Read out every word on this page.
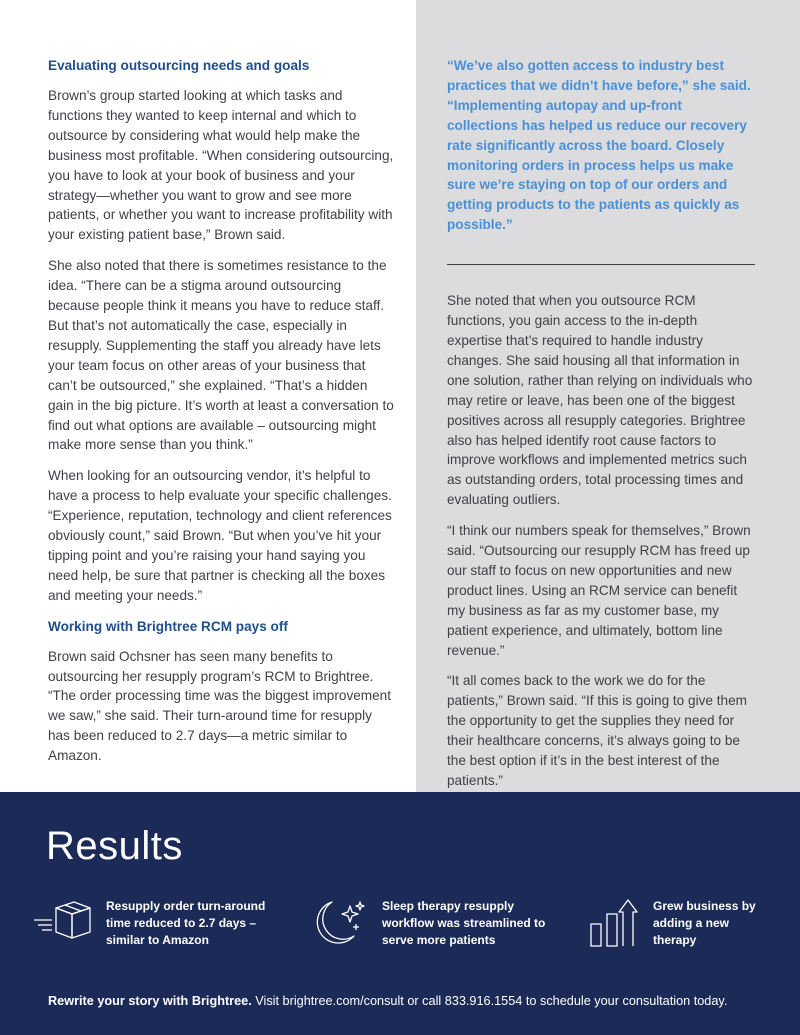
Evaluating outsourcing needs and goals

Brown’s group started looking at which tasks and functions they wanted to keep internal and which to outsource by considering what would help make the business most profitable. “When considering outsourcing, you have to look at your book of business and your strategy—whether you want to grow and see more patients, or whether you want to increase profitability with your existing patient base,” Brown said.

She also noted that there is sometimes resistance to the idea. “There can be a stigma around outsourcing because people think it means you have to reduce staff. But that’s not automatically the case, especially in resupply. Supplementing the staff you already have lets your team focus on other areas of your business that can’t be outsourced,” she explained. “That’s a hidden gain in the big picture. It’s worth at least a conversation to find out what options are available – outsourcing might make more sense than you think.”

When looking for an outsourcing vendor, it’s helpful to have a process to help evaluate your specific challenges. “Experience, reputation, technology and client references obviously count,” said Brown. “But when you’ve hit your tipping point and you’re raising your hand saying you need help, be sure that partner is checking all the boxes and meeting your needs.”

Working with Brightree RCM pays off

Brown said Ochsner has seen many benefits to outsourcing her resupply program’s RCM to Brightree. “The order processing time was the biggest improvement we saw,” she said. Their turn-around time for resupply has been reduced to 2.7 days—a metric similar to Amazon.

“We’ve also gotten access to industry best practices that we didn’t have before,” she said. “Implementing autopay and up-front collections has helped us reduce our recovery rate significantly across the board. Closely monitoring orders in process helps us make sure we’re staying on top of our orders and getting products to the patients as quickly as possible.”

She noted that when you outsource RCM functions, you gain access to the in-depth expertise that’s required to handle industry changes. She said housing all that information in one solution, rather than relying on individuals who may retire or leave, has been one of the biggest positives across all resupply categories. Brightree also has helped identify root cause factors to improve workflows and implemented metrics such as outstanding orders, total processing times and evaluating outliers.

“I think our numbers speak for themselves,” Brown said. “Outsourcing our resupply RCM has freed up our staff to focus on new opportunities and new product lines. Using an RCM service can benefit my business as far as my customer base, my patient experience, and ultimately, bottom line revenue.”

“It all comes back to the work we do for the patients,” Brown said. “If this is going to give them the opportunity to get the supplies they need for their healthcare concerns, it’s always going to be the best option if it’s in the best interest of the patients.”

Results
Resupply order turn-around time reduced to 2.7 days – similar to Amazon
Sleep therapy resupply workflow was streamlined to serve more patients
Grew business by adding a new therapy

Rewrite your story with Brightree. Visit brightree.com/consult or call 833.916.1554 to schedule your consultation today.
